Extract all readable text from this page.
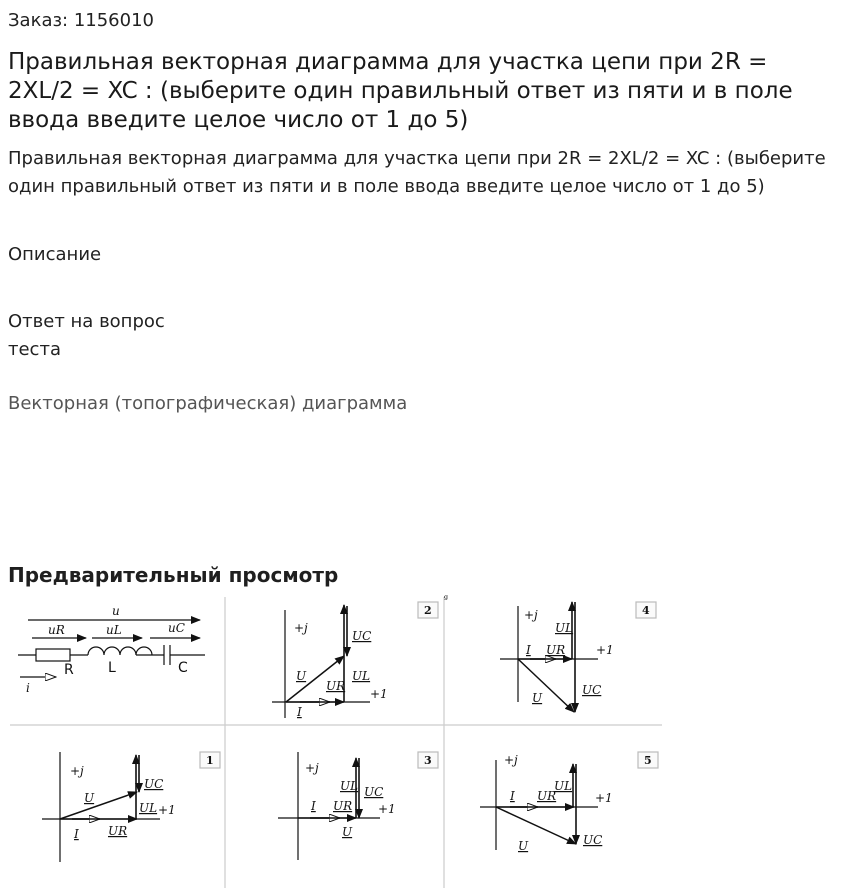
Заказ: 1156010
Правильная векторная диаграмма для участка цепи при 2R = 2XL/2 = XC : (выберите один правильный ответ из пяти и в поле ввода введите целое число от 1 до 5)

Правильная векторная диаграмма для участка цепи при 2R = 2XL/2 = XC : (выберите один правильный ответ из пяти и в поле ввода введите целое число от 1 до 5)

Описание
Ответ на вопрос теста
Векторная (топографическая) диаграмма
Предварительный просмотр
ᵍ
u
uR	uL	uC
i
R L	C
+j
+1
U
I
UR
UL
UC
2	+j
+1
I UR
UL
UC
U
4
+j
+1
U
I UR
UL
UC
1
+j
+1
I UR
UL UC
U
3	+j
+1
I UR
UL
UC
U
5
